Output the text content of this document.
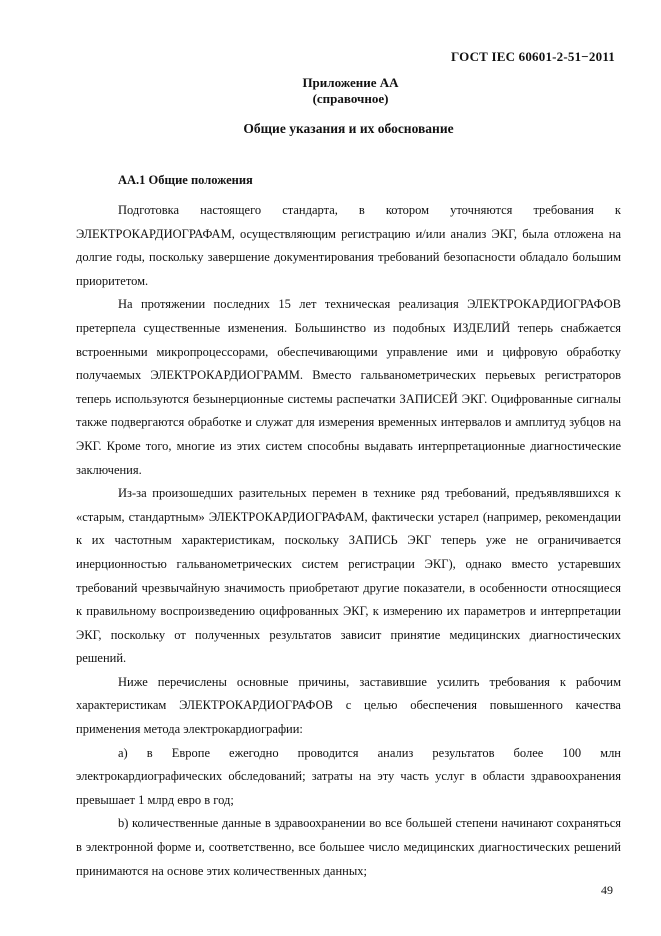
ГОСТ IEC 60601-2-51−2011
Приложение АА
(справочное)
Общие указания и их обоснование
АА.1 Общие положения

Подготовка настоящего стандарта, в котором уточняются требования к ЭЛЕКТРОКАРДИОГРАФАМ, осуществляющим регистрацию и/или анализ ЭКГ, была отложена на долгие годы, поскольку завершение документирования требований безопасности обладало большим приоритетом.

На протяжении последних 15 лет техническая реализация ЭЛЕКТРОКАРДИОГРАФОВ претерпела существенные изменения. Большинство из подобных ИЗДЕЛИЙ теперь снабжается встроенными микропроцессорами, обеспечивающими управление ими и цифровую обработку получаемых ЭЛЕКТРОКАРДИОГРАММ. Вместо гальванометрических перьевых регистраторов теперь используются безынерционные системы распечатки ЗАПИСЕЙ ЭКГ. Оцифрованные сигналы также подвергаются обработке и служат для измерения временных интервалов и амплитуд зубцов на ЭКГ. Кроме того, многие из этих систем способны выдавать интерпретационные диагностические заключения.

Из-за произошедших разительных перемен в технике ряд требований, предъявлявшихся к «старым, стандартным» ЭЛЕКТРОКАРДИОГРАФАМ, фактически устарел (например, рекомендации к их частотным характеристикам, поскольку ЗАПИСЬ ЭКГ теперь уже не ограничивается инерционностью гальванометрических систем регистрации ЭКГ), однако вместо устаревших требований чрезвычайную значимость приобретают другие показатели, в особенности относящиеся к правильному воспроизведению оцифрованных ЭКГ, к измерению их параметров и интерпретации ЭКГ, поскольку от полученных результатов зависит принятие медицинских диагностических решений.

Ниже перечислены основные причины, заставившие усилить требования к рабочим характеристикам ЭЛЕКТРОКАРДИОГРАФОВ с целью обеспечения повышенного качества применения метода электрокардиографии:

a) в Европе ежегодно проводится анализ результатов более 100 млн электрокардиографических обследований; затраты на эту часть услуг в области здравоохранения превышает 1 млрд евро в год;

b) количественные данные в здравоохранении во все большей степени начинают сохраняться в электронной форме и, соответственно, все большее число медицинских диагностических решений принимаются на основе этих количественных данных;

49
